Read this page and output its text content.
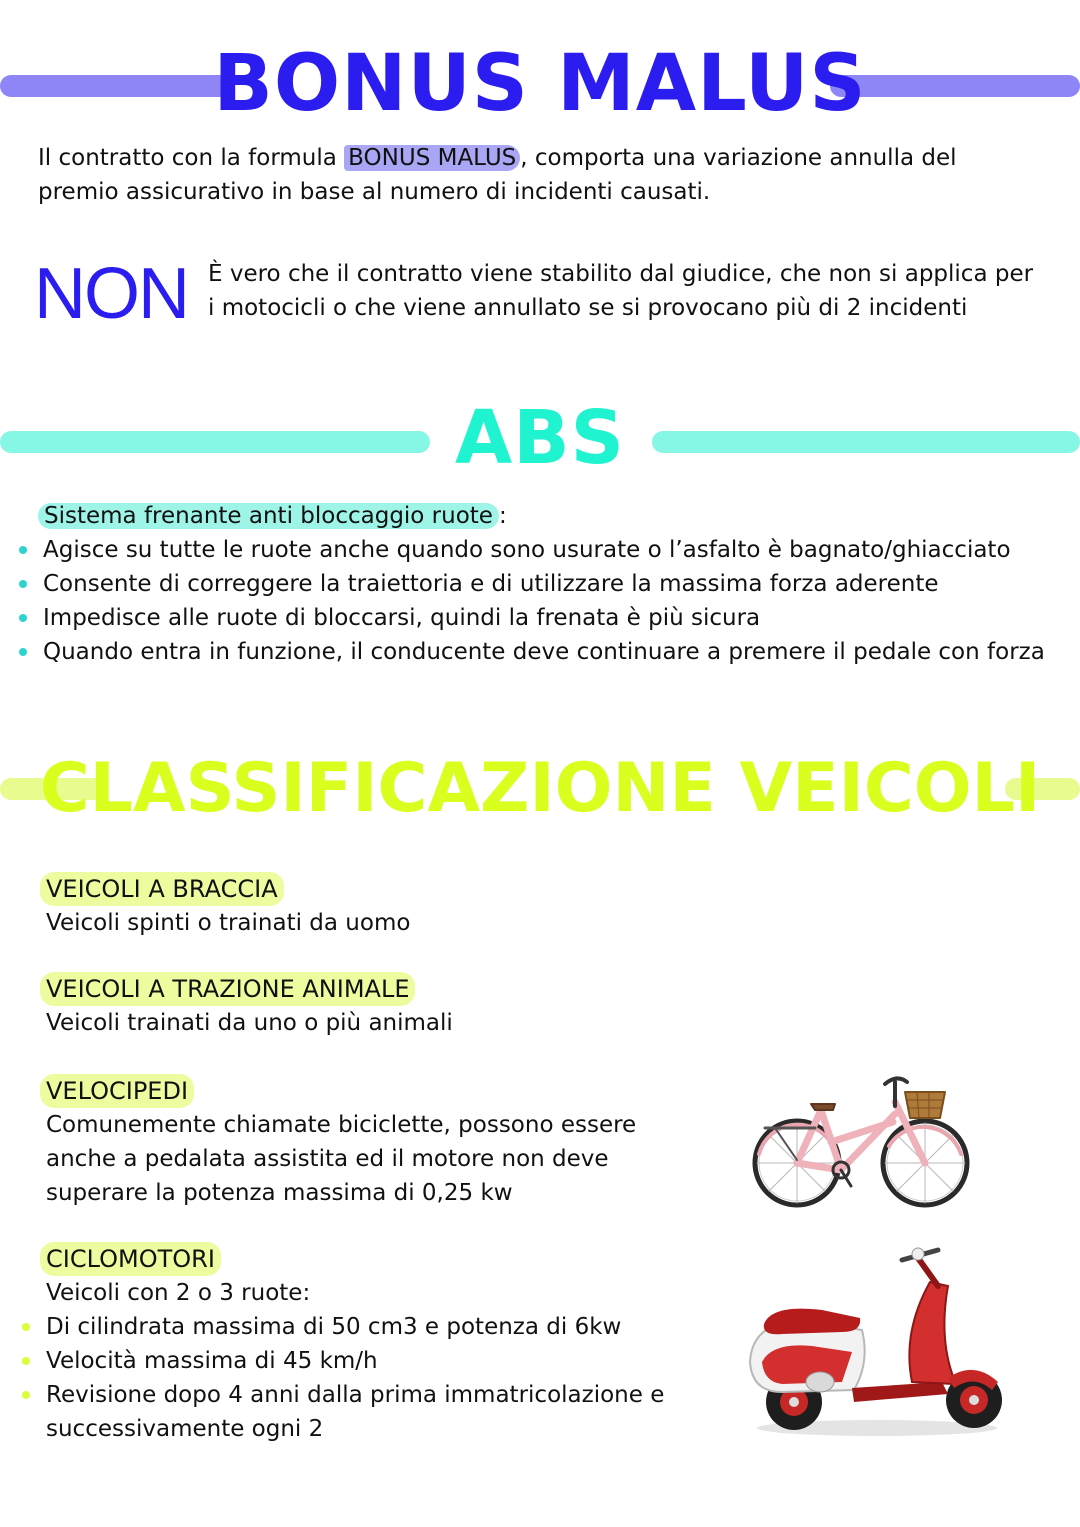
BONUS MALUS

Il contratto con la formula BONUS MALUS , comporta una variazione annulla del premio assicurativo in base al numero di incidenti causati.

NON È vero che il contratto viene stabilito dal giudice, che non si applica per i motocicli o che viene annullato se si provocano più di 2 incidenti

ABS

Sistema frenante anti bloccaggio ruote :

Agisce su tutte le ruote anche quando sono usurate o l’asfalto è bagnato/ghiacciato
Consente di correggere la traiettoria e di utilizzare la massima forza aderente
Impedisce alle ruote di bloccarsi, quindi la frenata è più sicura
Quando entra in funzione, il conducente deve continuare a premere il pedale con forza
CLASSIFICAZIONE VEICOLI
VEICOLI A BRACCIA

Veicoli spinti o trainati da uomo

VEICOLI A TRAZIONE ANIMALE

Veicoli trainati da uno o più animali

VELOCIPEDI

Comunemente chiamate biciclette, possono essere anche a pedalata assistita ed il motore non deve superare la potenza massima di 0,25 kw

CICLOMOTORI

Veicoli con 2 o 3 ruote:

Di cilindrata massima di 50 cm3 e potenza di 6kw
Velocità massima di 45 km/h
Revisione dopo 4 anni dalla prima immatricolazione e successivamente ogni 2
